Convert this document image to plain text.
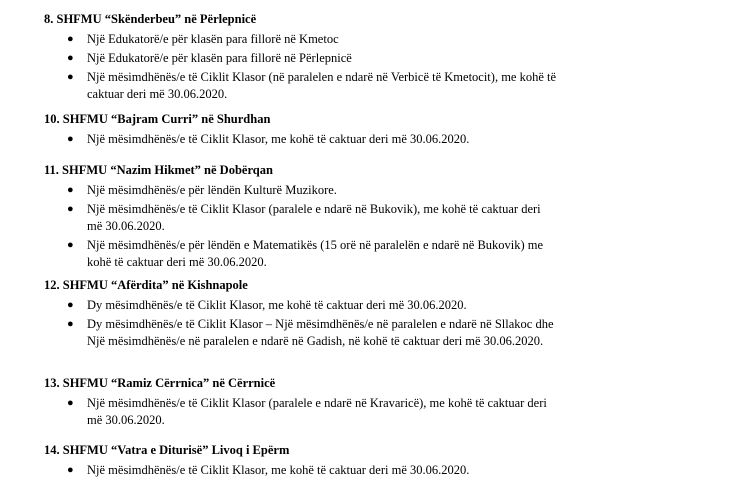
8. SHFMU “Skënderbeu” në Përlepnicë
● Një Edukatorë/e për klasën para fillorë në Kmetoc
● Një Edukatorë/e për klasën para fillorë në Përlepnicë
● Një mësimdhënës/e të Ciklit Klasor (në paralelen e ndarë në Verbicë të Kmetocit), me kohë të caktuar deri më 30.06.2020.
10. SHFMU “Bajram Curri” në Shurdhan
● Një mësimdhënës/e të Ciklit Klasor, me kohë të caktuar deri më 30.06.2020.
11. SHFMU “Nazim Hikmet” në Dobërqan
● Një mësimdhënës/e për lëndën Kulturë Muzikore.
● Një mësimdhënës/e të Ciklit Klasor (paralele e ndarë në Bukovik), me kohë të caktuar deri më 30.06.2020.
● Një mësimdhënës/e për lëndën e Matematikës (15 orë në paralelën e ndarë në Bukovik) me kohë të caktuar deri më 30.06.2020.
12. SHFMU “Afërdita” në Kishnapole
● Dy mësimdhënës/e të Ciklit Klasor, me kohë të caktuar deri më 30.06.2020.
● Dy mësimdhënës/e të Ciklit Klasor – Një mësimdhënës/e në paralelen e ndarë në Sllakoc dhe Një mësimdhënës/e në paralelen e ndarë në Gadish, në kohë të caktuar deri më 30.06.2020.
13. SHFMU “Ramiz Cërrnica” në Cërrnicë
● Një mësimdhënës/e të Ciklit Klasor (paralele e ndarë në Kravaricë), me kohë të caktuar deri më 30.06.2020.
14. SHFMU “Vatra e Diturisë” Livoq i Epërm
● Një mësimdhënës/e të Ciklit Klasor, me kohë të caktuar deri më 30.06.2020.
